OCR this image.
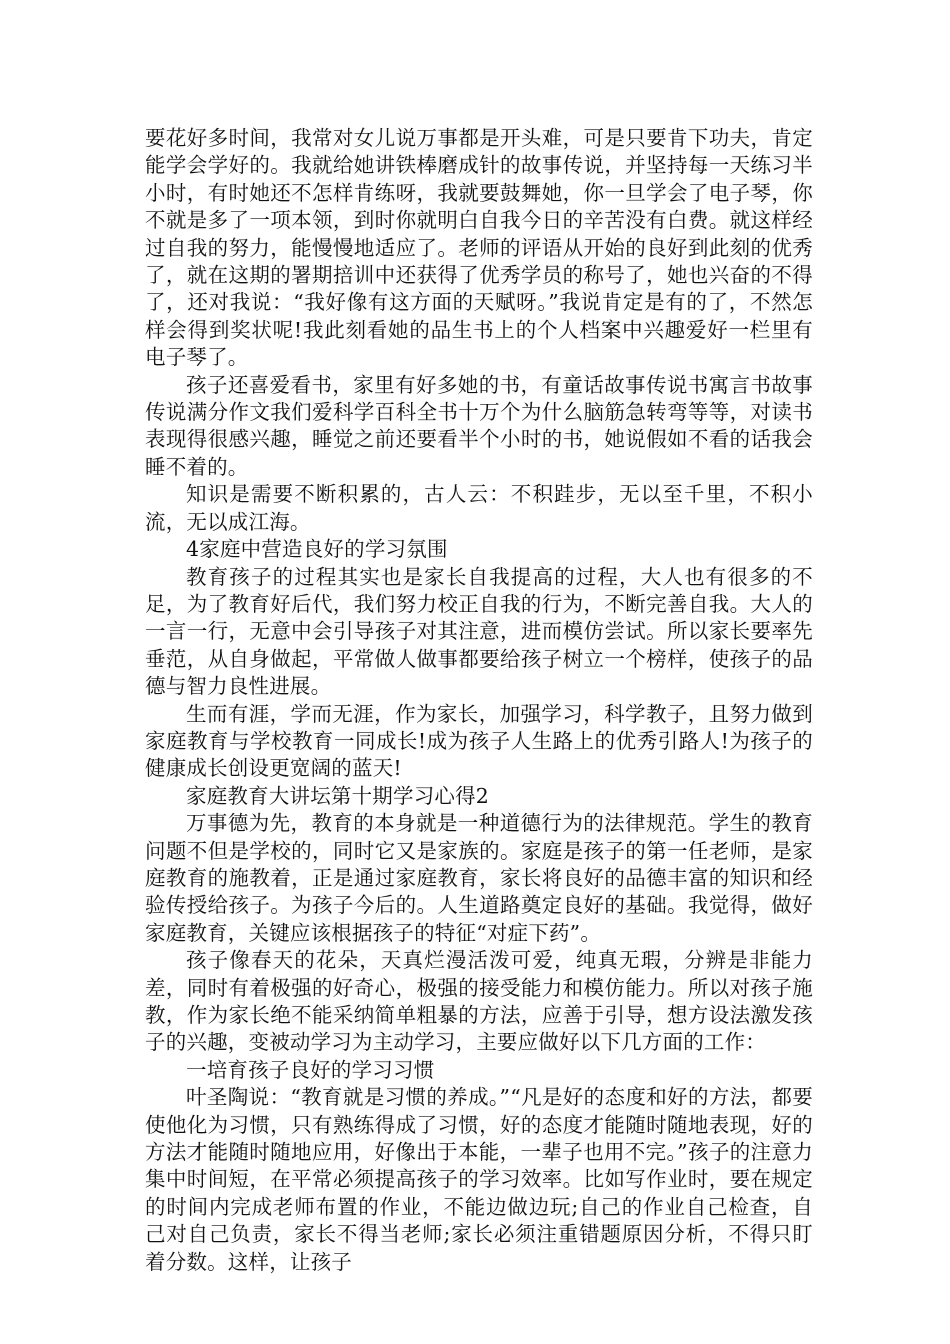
要花好多时间，我常对女儿说万事都是开头难，可是只要肯下功夫，肯定能学会学好的。我就给她讲铁棒磨成针的故事传说，并坚持每一天练习半小时，有时她还不怎样肯练呀，我就要鼓舞她，你一旦学会了电子琴，你不就是多了一项本领，到时你就明白自我今日的辛苦没有白费。就这样经过自我的努力，能慢慢地适应了。老师的评语从开始的良好到此刻的优秀了，就在这期的署期掊训中还获得了优秀学员的称号了，她也兴奋的不得了，还对我说：“我好像有这方面的天赋呀。”我说肯定是有的了，不然怎样会得到奖状呢!我此刻看她的品生书上的个人档案中兴趣爱好一栏里有电子琴了。

孩子还喜爱看书，家里有好多她的书，有童话故事传说书寓言书故事传说满分作文我们爱科学百科全书十万个为什么脑筋急转弯等等，对读书表现得很感兴趣，睡觉之前还要看半个小时的书，她说假如不看的话我会睡不着的。

知识是需要不断积累的，古人云：不积跬步，无以至千里，不积小流，无以成江海。

4家庭中营造良好的学习氛围

教育孩子的过程其实也是家长自我提高的过程，大人也有很多的不足，为了教育好后代，我们努力校正自我的行为，不断完善自我。大人的一言一行，无意中会引导孩子对其注意，进而模仿尝试。所以家长要率先垂范，从自身做起，平常做人做事都要给孩子树立一个榜样，使孩子的品德与智力良性进展。

生而有涯，学而无涯，作为家长，加强学习，科学教子，且努力做到家庭教育与学校教育一同成长!成为孩子人生路上的优秀引路人!为孩子的健康成长创设更宽阔的蓝天!

家庭教育大讲坛第十期学习心得2

万事德为先，教育的本身就是一种道德行为的法律规范。学生的教育问题不但是学校的，同时它又是家族的。家庭是孩子的第一任老师，是家庭教育的施教着，正是通过家庭教育，家长将良好的品德丰富的知识和经验传授给孩子。为孩子今后的。人生道路奠定良好的基础。我觉得，做好家庭教育，关键应该根据孩子的特征“对症下药”。

孩子像春天的花朵，天真烂漫活泼可爱，纯真无瑕，分辨是非能力差，同时有着极强的好奇心，极强的接受能力和模仿能力。所以对孩子施教，作为家长绝不能采纳简单粗暴的方法，应善于引导，想方设法激发孩子的兴趣，变被动学习为主动学习，主要应做好以下几方面的工作：

一培育孩子良好的学习习惯

叶圣陶说：“教育就是习惯的养成。”“凡是好的态度和好的方法，都要使他化为习惯，只有熟练得成了习惯，好的态度才能随时随地表现，好的方法才能随时随地应用，好像出于本能，一辈子也用不完。”孩子的注意力集中时间短，在平常必须提高孩子的学习效率。比如写作业时，要在规定的时间内完成老师布置的作业，不能边做边玩;自己的作业自己检查，自己对自己负责，家长不得当老师;家长必须注重错题原因分析，不得只盯着分数。这样，让孩子
